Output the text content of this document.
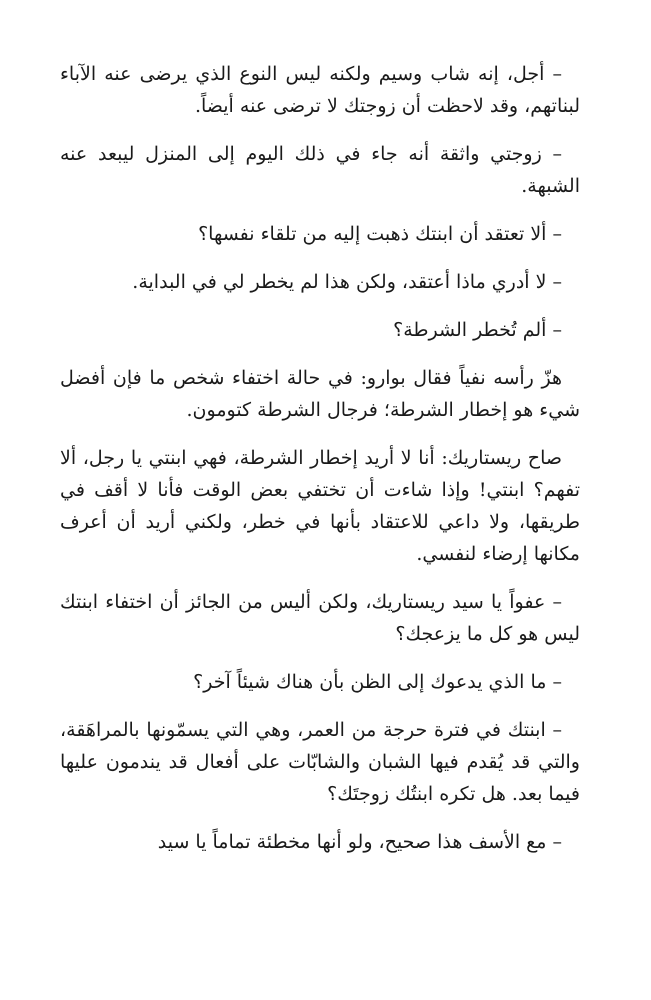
– أجل، إنه شاب وسيم ولكنه ليس النوع الذي يرضى عنه الآباء لبناتهم، وقد لاحظت أن زوجتك لا ترضى عنه أيضاً.

– زوجتي واثقة أنه جاء في ذلك اليوم إلى المنزل ليبعد عنه الشبهة.

– ألا تعتقد أن ابنتك ذهبت إليه من تلقاء نفسها؟

– لا أدري ماذا أعتقد، ولكن هذا لم يخطر لي في البداية.

– ألم تُخطر الشرطة؟

هزّ رأسه نفياً فقال بوارو: في حالة اختفاء شخص ما فإن أفضل شيء هو إخطار الشرطة؛ فرجال الشرطة كتومون.

صاح ريستاريك: أنا لا أريد إخطار الشرطة، فهي ابنتي يا رجل، ألا تفهم؟ ابنتي! وإذا شاءت أن تختفي بعض الوقت فأنا لا أقف في طريقها، ولا داعي للاعتقاد بأنها في خطر، ولكني أريد أن أعرف مكانها إرضاء لنفسي.

– عفواً يا سيد ريستاريك، ولكن أليس من الجائز أن اختفاء ابنتك ليس هو كل ما يزعجك؟

– ما الذي يدعوك إلى الظن بأن هناك شيئاً آخر؟

– ابنتك في فترة حرجة من العمر، وهي التي يسمّونها بالمراهَقة، والتي قد يُقدم فيها الشبان والشابّات على أفعال قد يندمون عليها فيما بعد. هل تكره ابنتُك زوجتَك؟

– مع الأسف هذا صحيح، ولو أنها مخطئة تماماً يا سيد
